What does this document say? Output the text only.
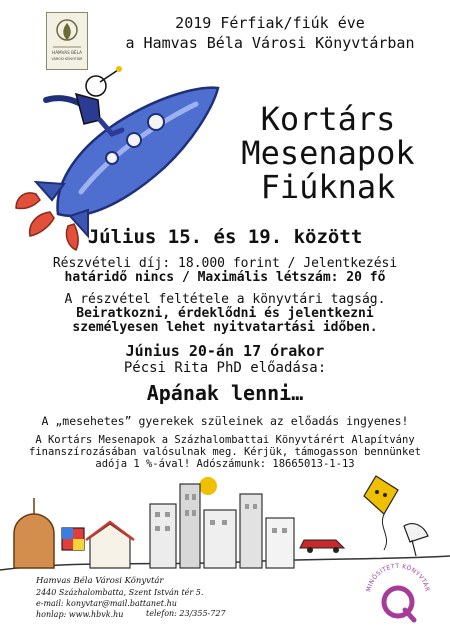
HAMVAS BÉLA
VÁROSI KÖNYVTÁR
2019 Férfiak/fiúk éve
a Hamvas Béla Városi Könyvtárban
Kortárs
Mesenapok
Fiúknak
Július 15. és 19. között
Részvételi díj: 18.000 forint / Jelentkezési
határidő nincs / Maximális létszám: 20 fő
A részvétel feltétele a könyvtári tagság.
Beiratkozni, érdeklődni és jelentkezni
személyesen lehet nyitvatartási időben.
Június 20-án 17 órakor
Pécsi Rita PhD előadása:
Apának lenni…
A „mesehetes” gyerekek szüleinek az előadás ingyenes!
A Kortárs Mesenapok a Százhalombattai Könyvtárért Alapítvány
finanszírozásában valósulnak meg. Kérjük, támogasson bennünket
adója 1 %-ával! Adószámunk: 18665013-1-13
Hamvas Béla Városi Könyvtár
2440 Százhalombatta, Szent István tér 5.
e-mail: konyvtar@mail.battanet.hu
honlap: www.hbvk.hu	telefon: 23/355-727
MINŐSÍTETT KÖNYVTÁR
